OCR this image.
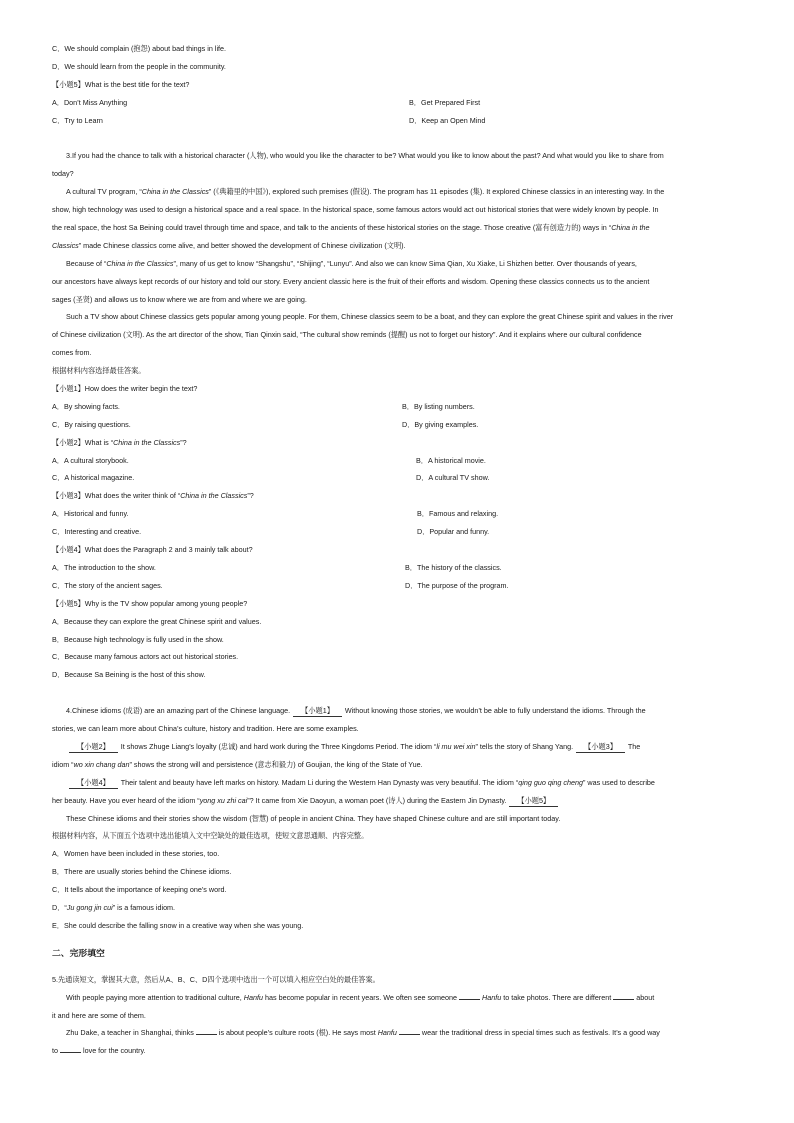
C．We should complain (抱怨) about bad things in life.
D．We should learn from the people in the community.
【小题5】What is the best title for the text?
A．Don’t Miss Anything	B．Get Prepared First
C．Try to Learn	D．Keep an Open Mind
3.If you had the chance to talk with a historical character (人物), who would you like the character to be? What would you like to know about the past? And what would you like to share from
today?
A cultural TV program, “China in the Classics” (《典籍里的中国》), explored such premises (假设). The program has 11 episodes (集). It explored Chinese classics in an interesting way. In the
show, high technology was used to design a historical space and a real space. In the historical space, some famous actors would act out historical stories that were widely known by people. In
the real space, the host Sa Beining could travel through time and space, and talk to the ancients of these historical stories on the stage. Those creative (富有创造力的) ways in “China in the
Classics” made Chinese classics come alive, and better showed the development of Chinese civilization (文明).
Because of “China in the Classics”, many of us get to know “Shangshu”, “Shijing”, “Lunyu”. And also we can know Sima Qian, Xu Xiake, Li Shizhen better. Over thousands of years,
our ancestors have always kept records of our history and told our story. Every ancient classic here is the fruit of their efforts and wisdom. Opening these classics connects us to the ancient
sages (圣贤) and allows us to know where we are from and where we are going.
Such a TV show about Chinese classics gets popular among young people. For them, Chinese classics seem to be a boat, and they can explore the great Chinese spirit and values in the river
of Chinese civilization (文明). As the art director of the show, Tian Qinxin said, “The cultural show reminds (提醒) us not to forget our history”. And it explains where our cultural confidence
comes from.
根据材料内容选择最佳答案。
【小题1】How does the writer begin the text?
A．By showing facts.	B．By listing numbers.
C．By raising questions.	D．By giving examples.
【小题2】What is “China in the Classics”?
A．A cultural storybook.	B．A historical movie.
C．A historical magazine.	D．A cultural TV show.
【小题3】What does the writer think of “China in the Classics”?
A．Historical and funny.	B．Famous and relaxing.
C．Interesting and creative.	D．Popular and funny.
【小题4】What does the Paragraph 2 and 3 mainly talk about?
A．The introduction to the show.	B．The history of the classics.
C．The story of the ancient sages.	D．The purpose of the program.
【小题5】Why is the TV show popular among young people?
A．Because they can explore the great Chinese spirit and values.
B．Because high technology is fully used in the show.
C．Because many famous actors act out historical stories.
D．Because Sa Beining is the host of this show.
4.Chinese idioms (成语) are an amazing part of the Chinese language. 【小题1】 Without knowing those stories, we wouldn’t be able to fully understand the idioms. Through the
stories, we can learn more about China’s culture, history and tradition. Here are some examples.
【小题2】 It shows Zhuge Liang’s loyalty (忠诚) and hard work during the Three Kingdoms Period. The idiom “li mu wei xin” tells the story of Shang Yang. 【小题3】 The
idiom “wo xin chang dan” shows the strong will and persistence (意志和毅力) of Goujian, the king of the State of Yue.
【小题4】 Their talent and beauty have left marks on history. Madam Li during the Western Han Dynasty was very beautiful. The idiom “qing guo qing cheng” was used to describe
her beauty. Have you ever heard of the idiom “yong xu zhi cai”? It came from Xie Daoyun, a woman poet (诗人) during the Eastern Jin Dynasty. 【小题5】
These Chinese idioms and their stories show the wisdom (智慧) of people in ancient China. They have shaped Chinese culture and are still important today.
根据材料内容，从下面五个选项中选出能填入文中空缺处的最佳选项，使短文意思通顺、内容完整。
A．Women have been included in these stories, too.
B．There are usually stories behind the Chinese idioms.
C．It tells about the importance of keeping one’s word.
D．“Ju gong jin cui” is a famous idiom.
E．She could describe the falling snow in a creative way when she was young.
二、完形填空
5.先通读短文，掌握其大意，然后从A、B、C、D四个选项中选出一个可以填入相应空白处的最佳答案。
With people paying more attention to traditional culture, Hanfu has become popular in recent years. We often see someone	Hanfu to take photos. There are different	about
it and here are some of them.
Zhu Dake, a teacher in Shanghai, thinks	is about people’s culture roots (根). He says most Hanfu	wear the traditional dress in special times such as festivals. It’s a good way
to	love for the country.
